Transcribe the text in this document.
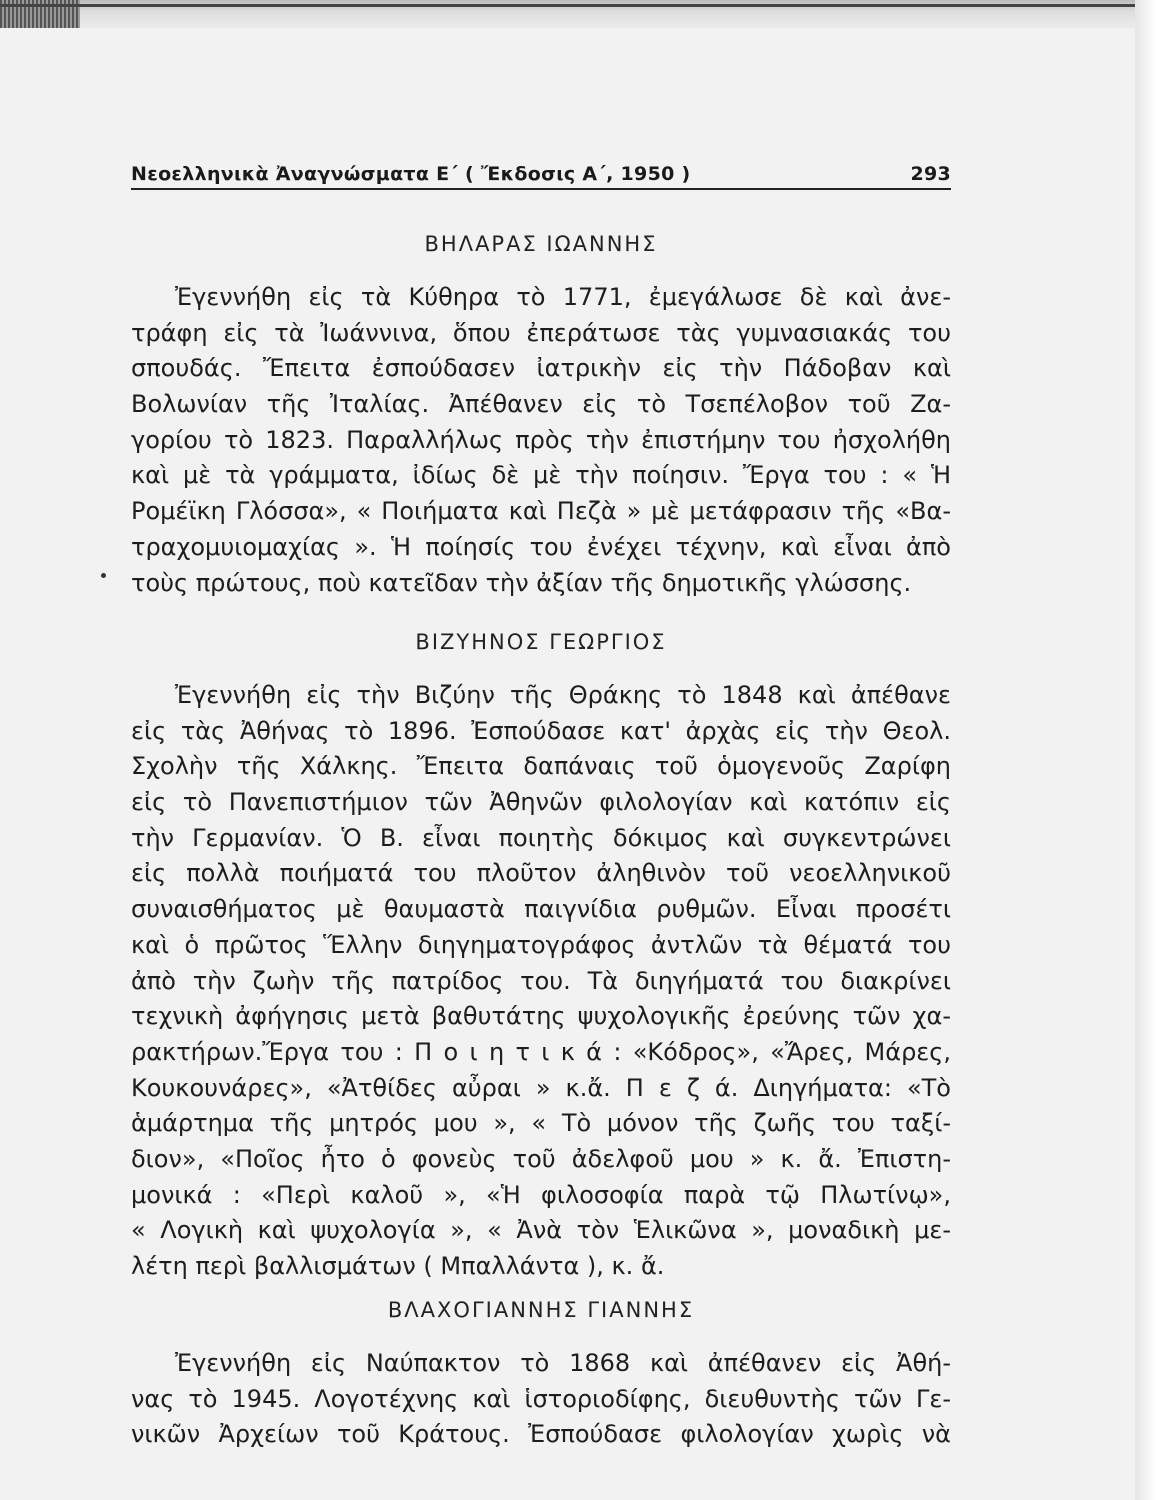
Νεοελληνικὰ Ἀναγνώσματα Ε΄ ( Ἔκδοσις Α΄, 1950 )	293
ΒΗΛΑΡΑΣ ΙΩΑΝΝΗΣ
Ἐγεννήθη εἰς τὰ Κύθηρα τὸ 1771, ἐμεγάλωσε δὲ καὶ ἀνε-
τράφη εἰς τὰ Ἰωάννινα, ὅπου ἐπεράτωσε τὰς γυμνασιακάς του
σπουδάς. Ἔπειτα ἐσπούδασεν ἰατρικὴν εἰς τὴν Πάδοβαν καὶ
Βολωνίαν τῆς Ἰταλίας. Ἀπέθανεν εἰς τὸ Τσεπέλοβον τοῦ Ζα-
γορίου τὸ 1823. Παραλλήλως πρὸς τὴν ἐπιστήμην του ἠσχολήθη
καὶ μὲ τὰ γράμματα, ἰδίως δὲ μὲ τὴν ποίησιν. Ἔργα του : « Ἡ
Ρομέϊκη Γλόσσα», « Ποιήματα καὶ Πεζὰ » μὲ μετάφρασιν τῆς «Βα-
τραχομυιομαχίας ». Ἡ ποίησίς του ἐνέχει τέχνην, καὶ εἶναι ἀπὸ
τοὺς πρώτους, ποὺ κατεῖδαν τὴν ἀξίαν τῆς δημοτικῆς γλώσσης.
ΒΙΖΥΗΝΟΣ ΓΕΩΡΓΙΟΣ
Ἐγεννήθη εἰς τὴν Βιζύην τῆς Θράκης τὸ 1848 καὶ ἀπέθανε
εἰς τὰς Ἀθήνας τὸ 1896. Ἐσπούδασε κατ' ἀρχὰς εἰς τὴν Θεολ.
Σχολὴν τῆς Χάλκης. Ἔπειτα δαπάναις τοῦ ὁμογενοῦς Ζαρίφη
εἰς τὸ Πανεπιστήμιον τῶν Ἀθηνῶν φιλολογίαν καὶ κατόπιν εἰς
τὴν Γερμανίαν. Ὁ Β. εἶναι ποιητὴς δόκιμος καὶ συγκεντρώνει
εἰς πολλὰ ποιήματά του πλοῦτον ἀληθινὸν τοῦ νεοελληνικοῦ
συναισθήματος μὲ θαυμαστὰ παιγνίδια ρυθμῶν. Εἶναι προσέτι
καὶ ὁ πρῶτος Ἕλλην διηγηματογράφος ἀντλῶν τὰ θέματά του
ἀπὸ τὴν ζωὴν τῆς πατρίδος του. Τὰ διηγήματά του διακρίνει
τεχνικὴ ἀφήγησις μετὰ βαθυτάτης ψυχολογικῆς ἐρεύνης τῶν χα-
ρακτήρων.Ἔργα του : Π ο ι η τ ι κ ά : «Κόδρος», «Ἄρες, Μάρες,
Κουκουνάρες», «Ἀτθίδες αὖραι » κ.ἄ. Π ε ζ ά. Διηγήματα: «Τὸ
ἁμάρτημα τῆς μητρός μου », « Τὸ μόνον τῆς ζωῆς του ταξί-
διον», «Ποῖος ἦτο ὁ φονεὺς τοῦ ἀδελφοῦ μου » κ. ἄ. Ἐπιστη-
μονικά : «Περὶ καλοῦ », «Ἡ φιλοσοφία παρὰ τῷ Πλωτίνῳ»,
« Λογικὴ καὶ ψυχολογία », « Ἀνὰ τὸν Ἑλικῶνα », μοναδικὴ με-
λέτη περὶ βαλλισμάτων ( Μπαλλάντα ), κ. ἄ.
ΒΛΑΧΟΓΙΑΝΝΗΣ ΓΙΑΝΝΗΣ
Ἐγεννήθη εἰς Ναύπακτον τὸ 1868 καὶ ἀπέθανεν εἰς Ἀθή-
νας τὸ 1945. Λογοτέχνης καὶ ἱστοριοδίφης, διευθυντὴς τῶν Γε-
νικῶν Ἀρχείων τοῦ Κράτους. Ἐσπούδασε φιλολογίαν χωρὶς νὰ
